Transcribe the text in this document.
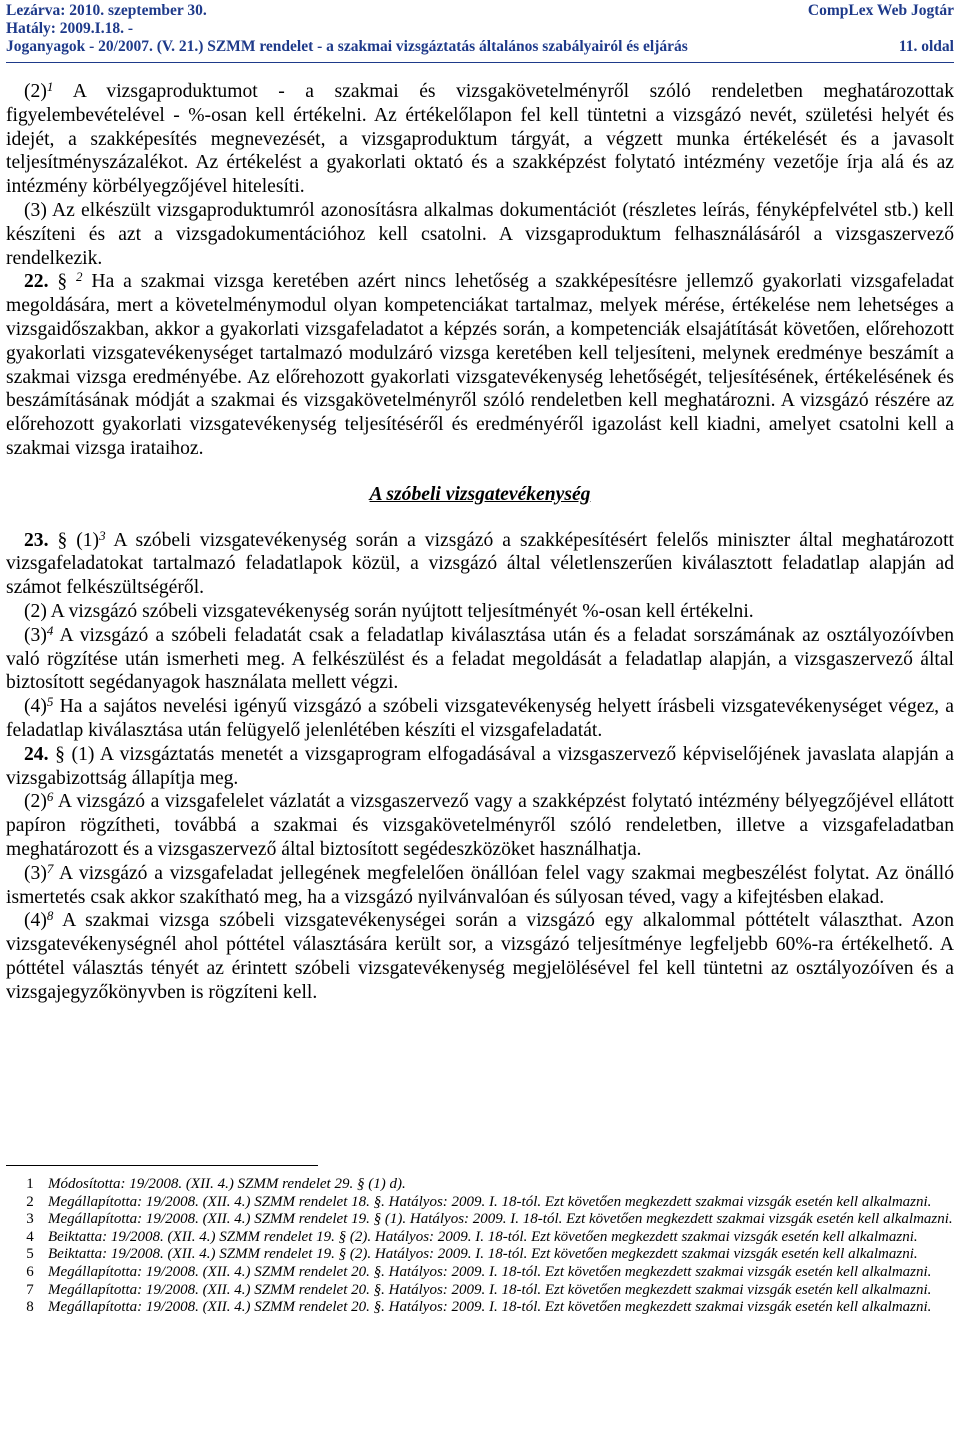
Lezárva: 2010. szeptember 30.	CompLex Web Jogtár
Hatály: 2009.I.18. -
Joganyagok - 20/2007. (V. 21.) SZMM rendelet - a szakmai vizsgáztatás általános szabályairól és eljárás	11. oldal

(2)$^1$ A vizsgaproduktumot - a szakmai és vizsgakövetelményről szóló rendeletben meghatározottak figyelembevételével - %-osan kell értékelni. Az értékelőlapon fel kell tüntetni a vizsgázó nevét, születési helyét és idejét, a szakképesítés megnevezését, a vizsgaproduktum tárgyát, a végzett munka értékelését és a javasolt teljesítményszázalékot. Az értékelést a gyakorlati oktató és a szakképzést folytató intézmény vezetője írja alá és az intézmény körbélyegzőjével hitelesíti.

(3) Az elkészült vizsgaproduktumról azonosításra alkalmas dokumentációt (részletes leírás, fényképfelvétel stb.) kell készíteni és azt a vizsgadokumentációhoz kell csatolni. A vizsgaproduktum felhasználásáról a vizsgaszervező rendelkezik.

22. § $^2$ Ha a szakmai vizsga keretében azért nincs lehetőség a szakképesítésre jellemző gyakorlati vizsgafeladat megoldására, mert a követelménymodul olyan kompetenciákat tartalmaz, melyek mérése, értékelése nem lehetséges a vizsgaidőszakban, akkor a gyakorlati vizsgafeladatot a képzés során, a kompetenciák elsajátítását követően, előrehozott gyakorlati vizsgatevékenységet tartalmazó modulzáró vizsga keretében kell teljesíteni, melynek eredménye beszámít a szakmai vizsga eredményébe. Az előrehozott gyakorlati vizsgatevékenység lehetőségét, teljesítésének, értékelésének és beszámításának módját a szakmai és vizsgakövetelményről szóló rendeletben kell meghatározni. A vizsgázó részére az előrehozott gyakorlati vizsgatevékenység teljesítéséről és eredményéről igazolást kell kiadni, amelyet csatolni kell a szakmai vizsga irataihoz.

A szóbeli vizsgatevékenység

23. § (1)$^3$ A szóbeli vizsgatevékenység során a vizsgázó a szakképesítésért felelős miniszter által meghatározott vizsgafeladatokat tartalmazó feladatlapok közül, a vizsgázó által véletlenszerűen kiválasztott feladatlap alapján ad számot felkészültségéről.

(2) A vizsgázó szóbeli vizsgatevékenység során nyújtott teljesítményét %-osan kell értékelni.

(3)$^4$ A vizsgázó a szóbeli feladatát csak a feladatlap kiválasztása után és a feladat sorszámának az osztályozóívben való rögzítése után ismerheti meg. A felkészülést és a feladat megoldását a feladatlap alapján, a vizsgaszervező által biztosított segédanyagok használata mellett végzi.

(4)$^5$ Ha a sajátos nevelési igényű vizsgázó a szóbeli vizsgatevékenység helyett írásbeli vizsgatevékenységet végez, a feladatlap kiválasztása után felügyelő jelenlétében készíti el vizsgafeladatát.

24. § (1) A vizsgáztatás menetét a vizsgaprogram elfogadásával a vizsgaszervező képviselőjének javaslata alapján a vizsgabizottság állapítja meg.

(2)$^6$ A vizsgázó a vizsgafelelet vázlatát a vizsgaszervező vagy a szakképzést folytató intézmény bélyegzőjével ellátott papíron rögzítheti, továbbá a szakmai és vizsgakövetelményről szóló rendeletben, illetve a vizsgafeladatban meghatározott és a vizsgaszervező által biztosított segédeszközöket használhatja.

(3)$^7$ A vizsgázó a vizsgafeladat jellegének megfelelően önállóan felel vagy szakmai megbeszélést folytat. Az önálló ismertetés csak akkor szakítható meg, ha a vizsgázó nyilvánvalóan és súlyosan téved, vagy a kifejtésben elakad.

(4)$^8$ A szakmai vizsga szóbeli vizsgatevékenységei során a vizsgázó egy alkalommal póttételt választhat. Azon vizsgatevékenységnél ahol póttétel választására került sor, a vizsgázó teljesítménye legfeljebb 60%-ra értékelhető. A póttétel választás tényét az érintett szóbeli vizsgatevékenység megjelölésével fel kell tüntetni az osztályozóíven és a vizsgajegyzőkönyvben is rögzíteni kell.

1 Módosította: 19/2008. (XII. 4.) SZMM rendelet 29. § (1) d).
2 Megállapította: 19/2008. (XII. 4.) SZMM rendelet 18. §. Hatályos: 2009. I. 18-tól. Ezt követően megkezdett szakmai vizsgák esetén kell alkalmazni.
3 Megállapította: 19/2008. (XII. 4.) SZMM rendelet 19. § (1). Hatályos: 2009. I. 18-tól. Ezt követően megkezdett szakmai vizsgák esetén kell alkalmazni.
4 Beiktatta: 19/2008. (XII. 4.) SZMM rendelet 19. § (2). Hatályos: 2009. I. 18-tól. Ezt követően megkezdett szakmai vizsgák esetén kell alkalmazni.
5 Beiktatta: 19/2008. (XII. 4.) SZMM rendelet 19. § (2). Hatályos: 2009. I. 18-tól. Ezt követően megkezdett szakmai vizsgák esetén kell alkalmazni.
6 Megállapította: 19/2008. (XII. 4.) SZMM rendelet 20. §. Hatályos: 2009. I. 18-tól. Ezt követően megkezdett szakmai vizsgák esetén kell alkalmazni.
7 Megállapította: 19/2008. (XII. 4.) SZMM rendelet 20. §. Hatályos: 2009. I. 18-tól. Ezt követően megkezdett szakmai vizsgák esetén kell alkalmazni.
8 Megállapította: 19/2008. (XII. 4.) SZMM rendelet 20. §. Hatályos: 2009. I. 18-tól. Ezt követően megkezdett szakmai vizsgák esetén kell alkalmazni.
